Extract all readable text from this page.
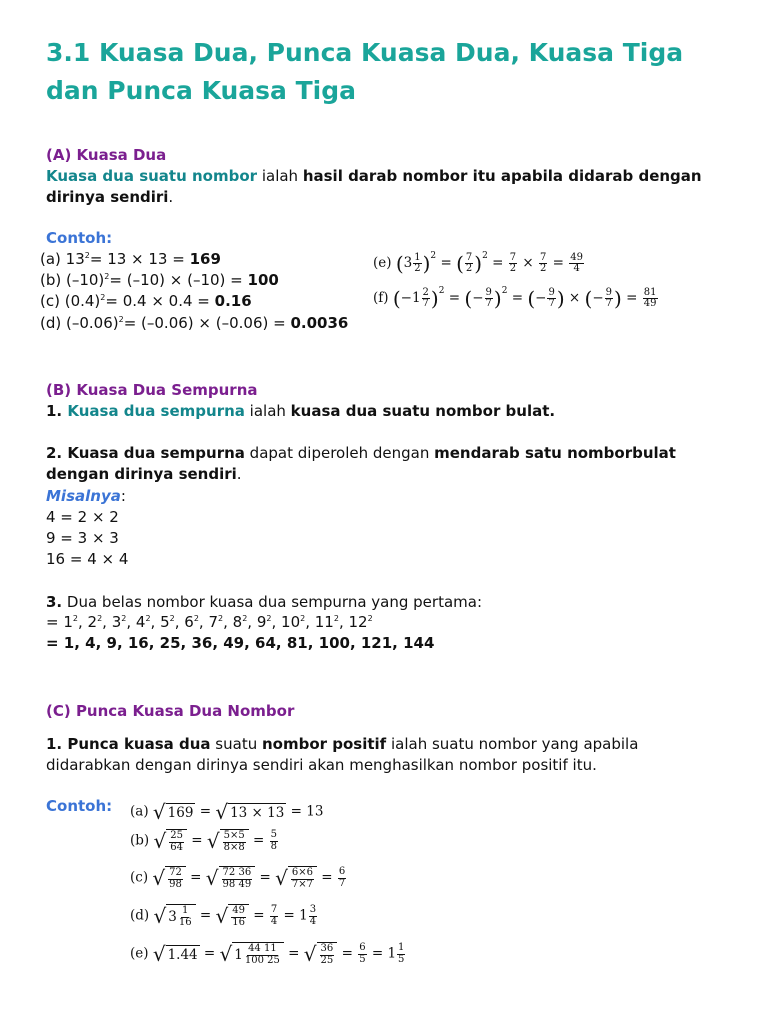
3.1 Kuasa Dua, Punca Kuasa Dua, Kuasa Tiga
dan Punca Kuasa Tiga
(A) Kuasa Dua
Kuasa dua suatu nombor ialah hasil darab nombor itu apabila didarab dengan
dirinya sendiri.
Contoh:
(a) $13^2= 13 \times 13 = 169$
(b) $(-10)^2= (-10) \times (-10) = 100$
(c) $(0.4)^2= 0.4 \times 0.4 = 0.16$
(d) $(-0.06)^2= (-0.06) \times (-0.06) = 0.0036$
(e) $(3 \frac{1}{2} )^2$ = ( $\frac{7}{2} )^2 = \frac{7}{2} \times \frac{7}{2} = \frac{49}{4}$
(f) $(-1 \frac{2}{7} )^2$ = (− $\frac{9}{7} )^2$ = (− $\frac{9}{7}$ ) × (− $\frac{9}{7}$ ) = $\frac{81}{49}$
(B) Kuasa Dua Sempurna
1. Kuasa dua sempurna ialah kuasa dua suatu nombor bulat.
2. Kuasa dua sempurna dapat diperoleh dengan mendarab satu nomborbulat
dengan dirinya sendiri.
Misalnya:
4 = 2 × 2
9 = 3 × 3
16 = 4 × 4
3. Dua belas nombor kuasa dua sempurna yang pertama:
= $1^2$, $2^2$, $3^2$, $4^2$, $5^2$, $6^2$, $7^2$, $8^2$, $9^2$, $10^2$, $11^2$, $12^2$
= 1, 4, 9, 16, 25, 36, 49, 64, 81, 100, 121, 144
(C) Punca Kuasa Dua Nombor
1. Punca kuasa dua suatu nombor positif ialah suatu nombor yang apabila
didarabkan dengan dirinya sendiri akan menghasilkan nombor positif itu.
Contoh: (a) √ 169 = √ 13 × 13 = 13
(b) √ $\frac{25}{64}$ = √ $\frac{5\times 5}{8\times 8} = \frac{5}{8}$
(c) √ $\frac{72}{98}$ = √ $\frac{72 36}{98 49}$ = √ $\frac{6\times 6}{7\times 7} = \frac{6}{7}$
(d) √ $3 \frac{1}{16}$ = √ $\frac{49}{16} = \frac{7}{4} = 1 \frac{3}{4}$
(e) √ 1.44 = √ $1 \frac{44 11}{100 25}$ = √ $\frac{36}{25} = \frac{6}{5} = 1 \frac{1}{5}$
